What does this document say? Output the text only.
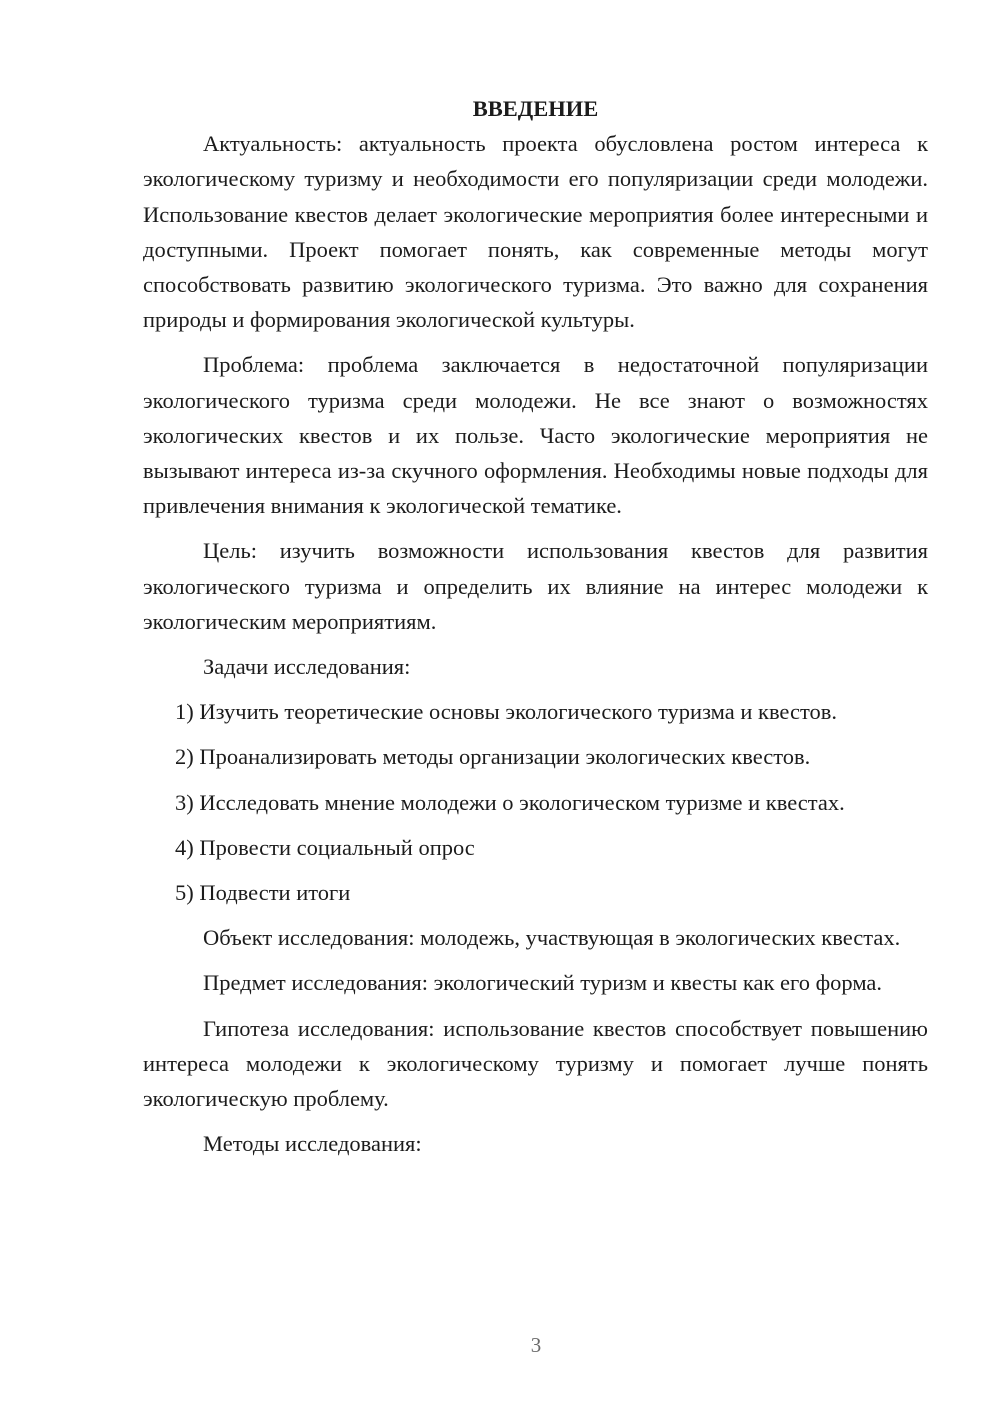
ВВЕДЕНИЕ

Актуальность: актуальность проекта обусловлена ростом интереса к экологическому туризму и необходимости его популяризации среди молодежи. Использование квестов делает экологические мероприятия более интересными и доступными. Проект помогает понять, как современные методы могут способствовать развитию экологического туризма. Это важно для сохранения природы и формирования экологической культуры.

Проблема: проблема заключается в недостаточной популяризации экологического туризма среди молодежи. Не все знают о возможностях экологических квестов и их пользе. Часто экологические мероприятия не вызывают интереса из-за скучного оформления. Необходимы новые подходы для привлечения внимания к экологической тематике.

Цель: изучить возможности использования квестов для развития экологического туризма и определить их влияние на интерес молодежи к экологическим мероприятиям.

Задачи исследования:

1) Изучить теоретические основы экологического туризма и квестов.

2) Проанализировать методы организации экологических квестов.

3) Исследовать мнение молодежи о экологическом туризме и квестах.

4) Провести социальный опрос

5) Подвести итоги

Объект исследования: молодежь, участвующая в экологических квестах.

Предмет исследования: экологический туризм и квесты как его форма.

Гипотеза исследования: использование квестов способствует повышению интереса молодежи к экологическому туризму и помогает лучше понять экологическую проблему.

Методы исследования:

3
